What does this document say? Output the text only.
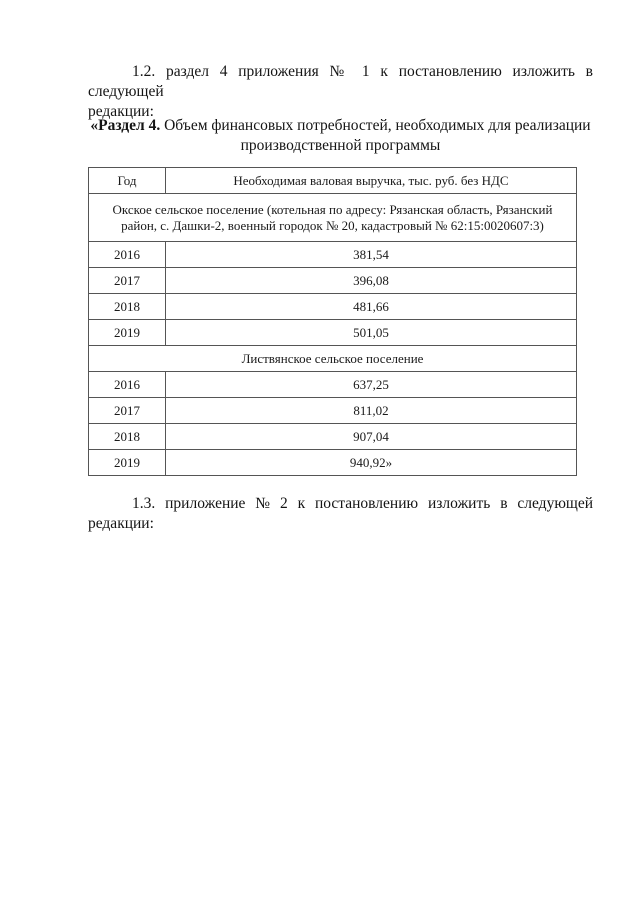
1.2. раздел 4 приложения № 1 к постановлению изложить в следующей
редакции:
«Раздел 4. Объем финансовых потребностей, необходимых для реализации
производственной программы
Год	Необходимая валовая выручка, тыс. руб. без НДС
Окское сельское поселение (котельная по адресу: Рязанская область, Рязанский район, с. Дашки-2, военный городок № 20, кадастровый № 62:15:0020607:3)	
2016	381,54
2017	396,08
2018	481,66
2019	501,05
Листвянское сельское поселение	
2016	637,25
2017	811,02
2018	907,04
2019	940,92»
1.3. приложение № 2 к постановлению изложить в следующей
редакции:
